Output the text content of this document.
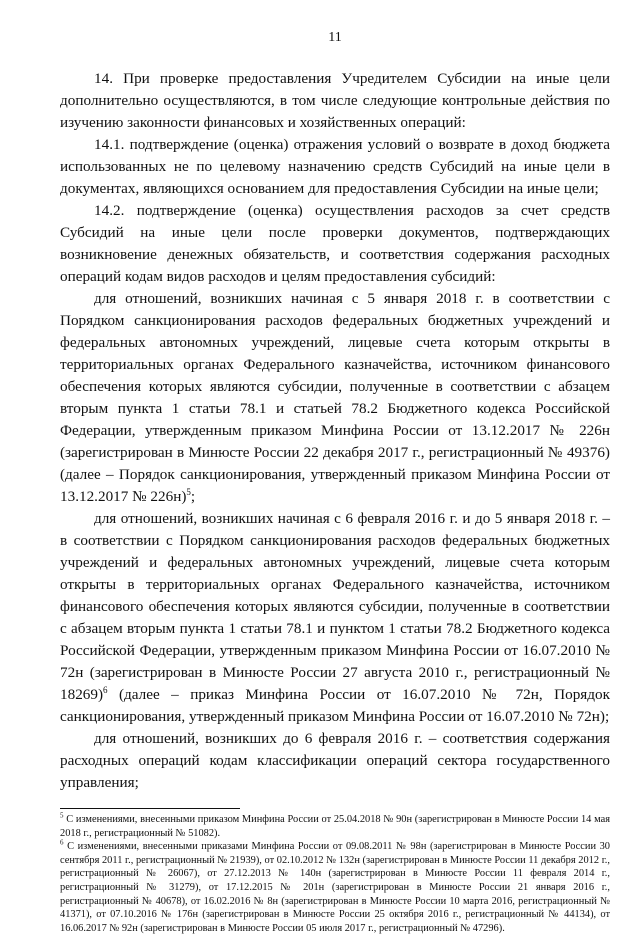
11

14. При проверке предоставления Учредителем Субсидии на иные цели дополнительно осуществляются, в том числе следующие контрольные действия по изучению законности финансовых и хозяйственных операций:

14.1. подтверждение (оценка) отражения условий о возврате в доход бюджета использованных не по целевому назначению средств Субсидий на иные цели в документах, являющихся основанием для предоставления Субсидии на иные цели;

14.2. подтверждение (оценка) осуществления расходов за счет средств Субсидий на иные цели после проверки документов, подтверждающих возникновение денежных обязательств, и соответствия содержания расходных операций кодам видов расходов и целям предоставления субсидий:

для отношений, возникших начиная с 5 января 2018 г. в соответствии с Порядком санкционирования расходов федеральных бюджетных учреждений и федеральных автономных учреждений, лицевые счета которым открыты в территориальных органах Федерального казначейства, источником финансового обеспечения которых являются субсидии, полученные в соответствии с абзацем вторым пункта 1 статьи 78.1 и статьей 78.2 Бюджетного кодекса Российской Федерации, утвержденным приказом Минфина России от 13.12.2017 № 226н (зарегистрирован в Минюсте России 22 декабря 2017 г., регистрационный № 49376) (далее – Порядок санкционирования, утвержденный приказом Минфина России от 13.12.2017 № 226н)$^5$;

для отношений, возникших начиная с 6 февраля 2016 г. и до 5 января 2018 г. – в соответствии с Порядком санкционирования расходов федеральных бюджетных учреждений и федеральных автономных учреждений, лицевые счета которым открыты в территориальных органах Федерального казначейства, источником финансового обеспечения которых являются субсидии, полученные в соответствии с абзацем вторым пункта 1 статьи 78.1 и пунктом 1 статьи 78.2 Бюджетного кодекса Российской Федерации, утвержденным приказом Минфина России от 16.07.2010 № 72н (зарегистрирован в Минюсте России 27 августа 2010 г., регистрационный № 18269)$^6$ (далее – приказ Минфина России от 16.07.2010 № 72н, Порядок санкционирования, утвержденный приказом Минфина России от 16.07.2010 № 72н);

для отношений, возникших до 6 февраля 2016 г. – соответствия содержания расходных операций кодам классификации операций сектора государственного управления;

$^5$ С изменениями, внесенными приказом Минфина России от 25.04.2018 № 90н (зарегистрирован в Минюсте России 14 мая 2018 г., регистрационный № 51082).

$^6$ С изменениями, внесенными приказами Минфина России от 09.08.2011 № 98н (зарегистрирован в Минюсте России 30 сентября 2011 г., регистрационный № 21939), от 02.10.2012 № 132н (зарегистрирован в Минюсте России 11 декабря 2012 г., регистрационный № 26067), от 27.12.2013 № 140н (зарегистрирован в Минюсте России 11 февраля 2014 г., регистрационный № 31279), от 17.12.2015 № 201н (зарегистрирован в Минюсте России 21 января 2016 г., регистрационный № 40678), от 16.02.2016 № 8н (зарегистрирован в Минюсте России 10 марта 2016, регистрационный № 41371), от 07.10.2016 № 176н (зарегистрирован в Минюсте России 25 октября 2016 г., регистрационный № 44134), от 16.06.2017 № 92н (зарегистрирован в Минюсте России 05 июля 2017 г., регистрационный № 47296).
